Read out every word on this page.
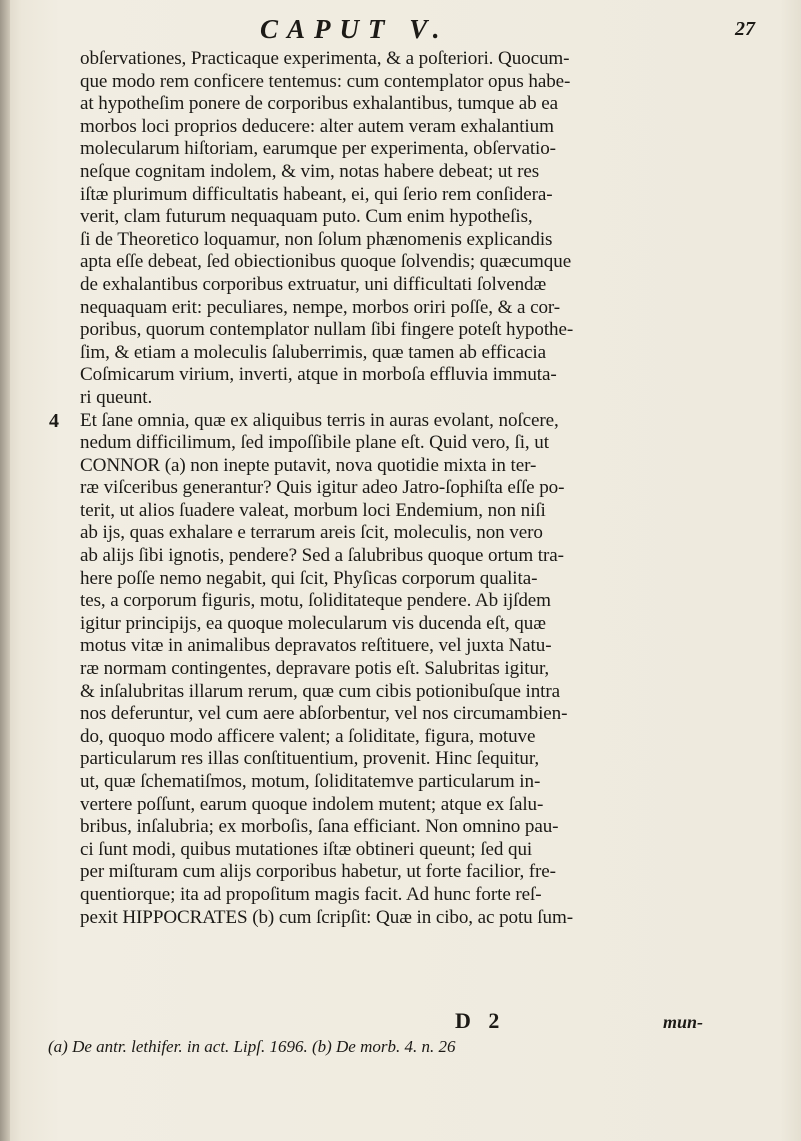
CAPUT V.	27
obſervationes, Practicaque experimenta, & a poſteriori. Quocum-
que modo rem conficere tentemus: cum contemplator opus habe-
at hypotheſim ponere de corporibus exhalantibus, tumque ab ea
morbos loci proprios deducere: alter autem veram exhalantium
molecularum hiſtoriam, earumque per experimenta, obſervatio-
neſque cognitam indolem, & vim, notas habere debeat; ut res
iſtæ plurimum difficultatis habeant, ei, qui ſerio rem conſidera-
verit, clam futurum nequaquam puto. Cum enim hypotheſis,
ſi de Theoretico loquamur, non ſolum phænomenis explicandis
apta eſſe debeat, ſed obiectionibus quoque ſolvendis; quæcumque
de exhalantibus corporibus extruatur, uni difficultati ſolvendæ
nequaquam erit: peculiares, nempe, morbos oriri poſſe, & a cor-
poribus, quorum contemplator nullam ſibi fingere poteſt hypothe-
ſim, & etiam a moleculis ſaluberrimis, quæ tamen ab efficacia
Coſmicarum virium, inverti, atque in morboſa effluvia immuta-
ri queunt.
4 Et ſane omnia, quæ ex aliquibus terris in auras evolant, noſcere,
nedum difficilimum, ſed impoſſibile plane eſt. Quid vero, ſi, ut
CONNOR (a) non inepte putavit, nova quotidie mixta in ter-
ræ viſceribus generantur? Quis igitur adeo Jatro-ſophiſta eſſe po-
terit, ut alios ſuadere valeat, morbum loci Endemium, non niſi
ab ijs, quas exhalare e terrarum areis ſcit, moleculis, non vero
ab alijs ſibi ignotis, pendere? Sed a ſalubribus quoque ortum tra-
here poſſe nemo negabit, qui ſcit, Phyſicas corporum qualita-
tes, a corporum figuris, motu, ſoliditateque pendere. Ab ijſdem
igitur principijs, ea quoque molecularum vis ducenda eſt, quæ
motus vitæ in animalibus depravatos reſtituere, vel juxta Natu-
ræ normam contingentes, depravare potis eſt. Salubritas igitur,
& inſalubritas illarum rerum, quæ cum cibis potionibuſque intra
nos deferuntur, vel cum aere abſorbentur, vel nos circumambien-
do, quoquo modo afficere valent; a ſoliditate, figura, motuve
particularum res illas conſtituentium, provenit. Hinc ſequitur,
ut, quæ ſchematiſmos, motum, ſoliditatemve particularum in-
vertere poſſunt, earum quoque indolem mutent; atque ex ſalu-
bribus, inſalubria; ex morboſis, ſana efficiant. Non omnino pau-
ci ſunt modi, quibus mutationes iſtæ obtineri queunt; ſed qui
per miſturam cum alijs corporibus habetur, ut forte facilior, fre-
quentiorque; ita ad propoſitum magis facit. Ad hunc forte reſ-
pexit HIPPOCRATES (b) cum ſcripſit: Quæ in cibo, ac potu ſum-
D 2	mun-
(a) De antr. lethifer. in act. Lipſ. 1696. (b) De morb. 4. n. 26
